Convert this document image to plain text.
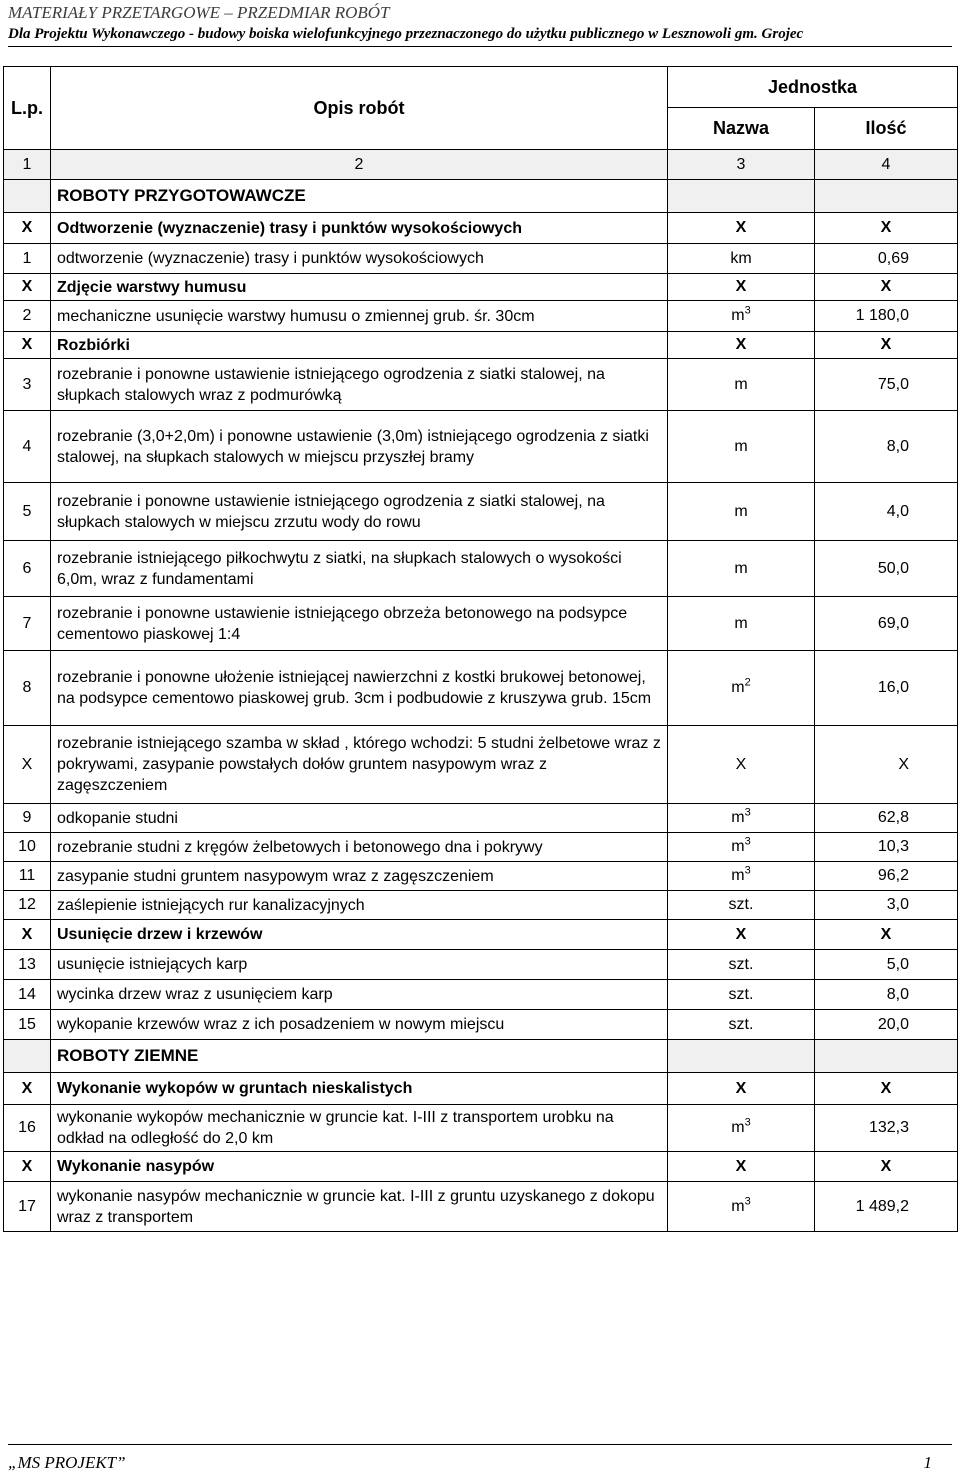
MATERIAŁY PRZETARGOWE – PRZEDMIAR ROBÓT
Dla Projektu Wykonawczego - budowy boiska wielofunkcyjnego przeznaczonego do użytku publicznego w Lesznowoli gm. Grojec
L.p.	Opis robót	Jednostka	
		Nazwa	Ilość
1	2	3	4
	ROBOTY PRZYGOTOWAWCZE		
X	Odtworzenie (wyznaczenie) trasy i punktów wysokościowych	X	X
1	odtworzenie (wyznaczenie) trasy i punktów wysokościowych	km	0,69
X	Zdjęcie warstwy humusu	X	X
2	mechaniczne usunięcie warstwy humusu o zmiennej grub. śr. 30cm	$m^3$	1 180,0
X	Rozbiórki	X	X
3	rozebranie i ponowne ustawienie istniejącego ogrodzenia z siatki stalowej, na słupkach stalowych wraz z podmurówką	m	75,0
4	rozebranie (3,0+2,0m) i ponowne ustawienie (3,0m) istniejącego ogrodzenia z siatki stalowej, na słupkach stalowych w miejscu przyszłej bramy	m	8,0
5	rozebranie i ponowne ustawienie istniejącego ogrodzenia z siatki stalowej, na słupkach stalowych w miejscu zrzutu wody do rowu	m	4,0
6	rozebranie istniejącego piłkochwytu z siatki, na słupkach stalowych o wysokości 6,0m, wraz z fundamentami	m	50,0
7	rozebranie i ponowne ustawienie istniejącego obrzeża betonowego na podsypce cementowo piaskowej 1:4	m	69,0
8	rozebranie i ponowne ułożenie istniejącej nawierzchni z kostki brukowej betonowej, na podsypce cementowo piaskowej grub. 3cm i podbudowie z kruszywa grub. 15cm	$m^2$	16,0
X	rozebranie istniejącego szamba w skład , którego wchodzi: 5 studni żelbetowe wraz z pokrywami, zasypanie powstałych dołów gruntem nasypowym wraz z zagęszczeniem	X	X
9	odkopanie studni	$m^3$	62,8
10	rozebranie studni z kręgów żelbetowych i betonowego dna i pokrywy	$m^3$	10,3
11	zasypanie studni gruntem nasypowym wraz z zagęszczeniem	$m^3$	96,2
12	zaślepienie istniejących rur kanalizacyjnych	szt.	3,0
X	Usunięcie drzew i krzewów	X	X
13	usunięcie istniejących karp	szt.	5,0
14	wycinka drzew wraz z usunięciem karp	szt.	8,0
15	wykopanie krzewów wraz z ich posadzeniem w nowym miejscu	szt.	20,0
	ROBOTY ZIEMNE		
X	Wykonanie wykopów w gruntach nieskalistych	X	X
16	wykonanie wykopów mechanicznie w gruncie kat. I-III z transportem urobku na odkład na odległość do 2,0 km	$m^3$	132,3
X	Wykonanie nasypów	X	X
17	wykonanie nasypów mechanicznie w gruncie kat. I-III z gruntu uzyskanego z dokopu wraz z transportem	$m^3$	1 489,2
„MS PROJEKT”	1
